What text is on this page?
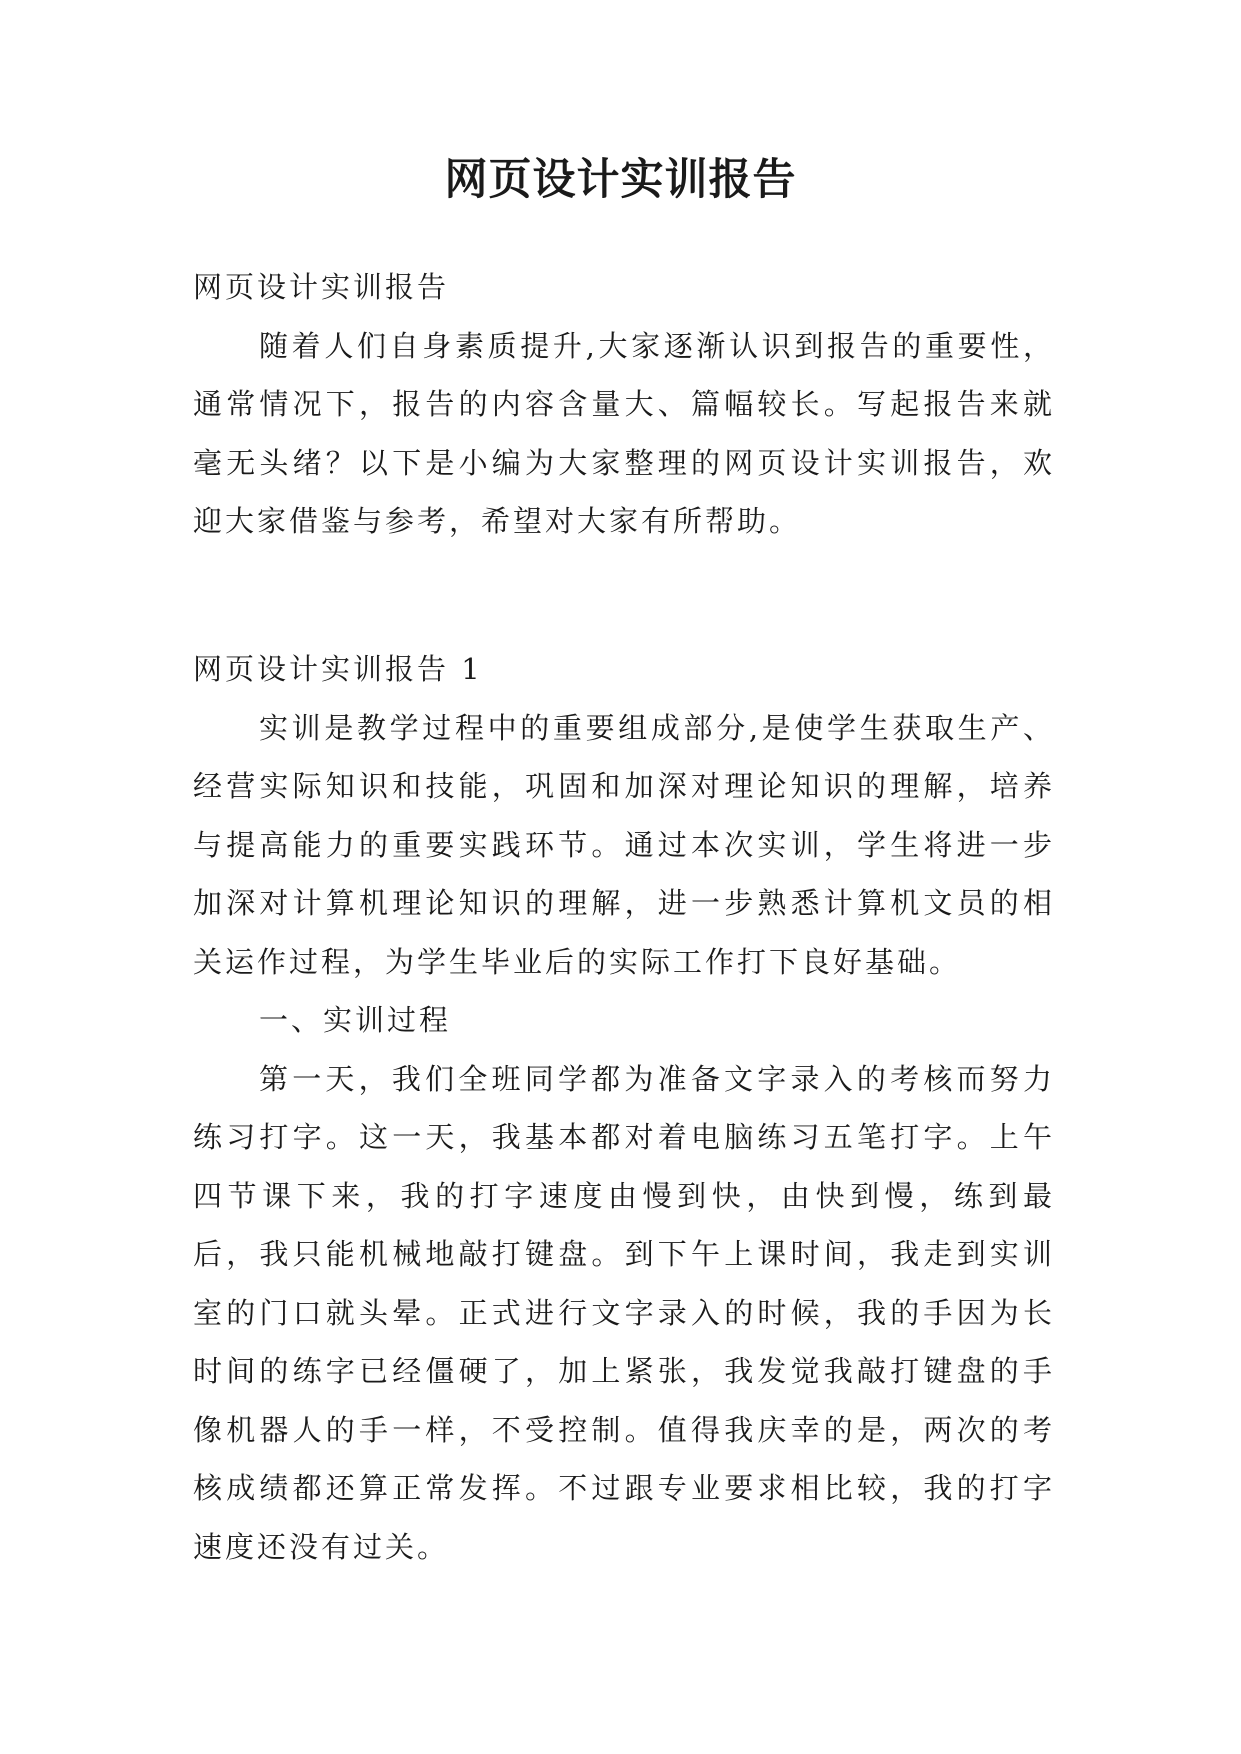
网页设计实训报告

网页设计实训报告

随着人们自身素质提升,大家逐渐认识到报告的重要性，通常情况下，报告的内容含量大、篇幅较长。写起报告来就毫无头绪？以下是小编为大家整理的网页设计实训报告，欢迎大家借鉴与参考，希望对大家有所帮助。

网页设计实训报告 1

实训是教学过程中的重要组成部分,是使学生获取生产、经营实际知识和技能，巩固和加深对理论知识的理解，培养与提高能力的重要实践环节。通过本次实训，学生将进一步加深对计算机理论知识的理解，进一步熟悉计算机文员的相关运作过程，为学生毕业后的实际工作打下良好基础。

一、实训过程

第一天，我们全班同学都为准备文字录入的考核而努力练习打字。这一天，我基本都对着电脑练习五笔打字。上午四节课下来，我的打字速度由慢到快，由快到慢，练到最后，我只能机械地敲打键盘。到下午上课时间，我走到实训室的门口就头晕。正式进行文字录入的时候，我的手因为长时间的练字已经僵硬了，加上紧张，我发觉我敲打键盘的手像机器人的手一样，不受控制。值得我庆幸的是，两次的考核成绩都还算正常发挥。不过跟专业要求相比较，我的打字速度还没有过关。
